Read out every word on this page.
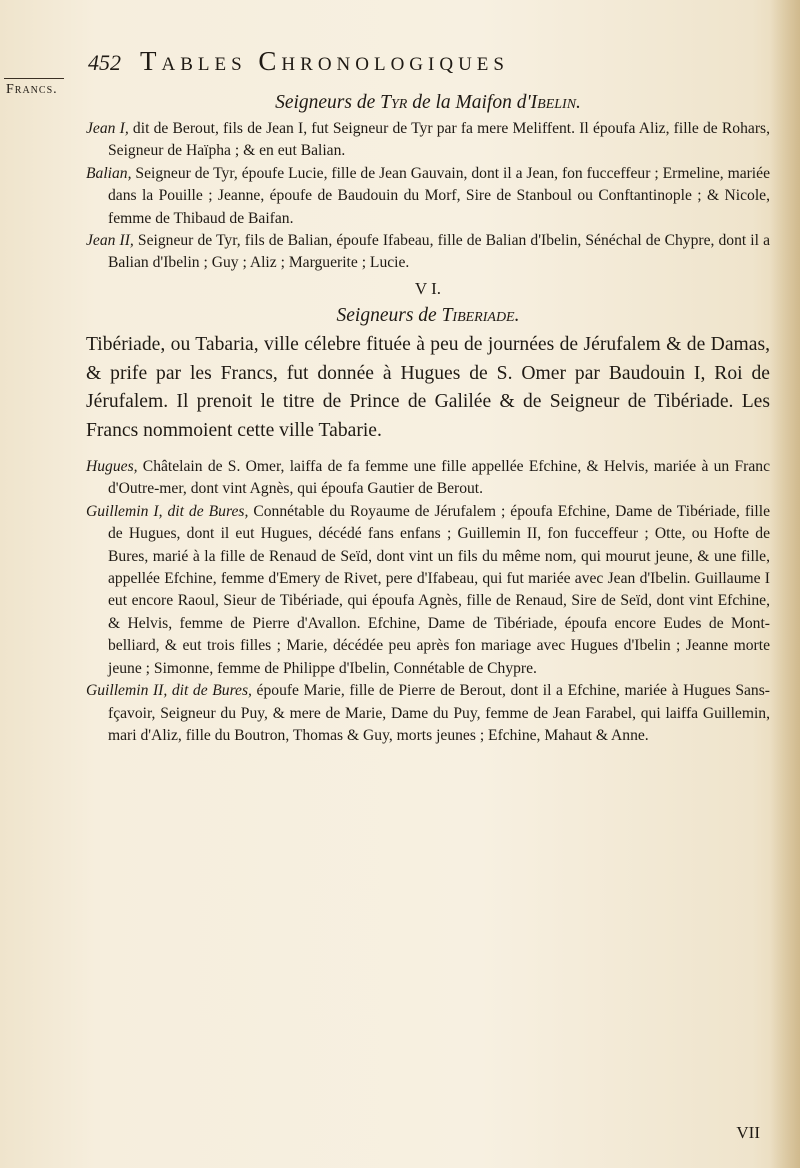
452 Tables Chronologiques
Francs.
Seigneurs de Tyr de la Maifon d'Ibelin.

Jean I, dit de Berout, fils de Jean I, fut Seigneur de Tyr par fa mere Meliffent. Il époufa Aliz, fille de Rohars, Seigneur de Haïpha ; & en eut Balian.

Balian, Seigneur de Tyr, époufe Lucie, fille de Jean Gauvain, dont il a Jean, fon fucceffeur ; Ermeline, mariée dans la Pouille ; Jeanne, époufe de Baudouin du Morf, Sire de Stanboul ou Conftantinople ; & Nicole, femme de Thibaud de Baifan.

Jean II, Seigneur de Tyr, fils de Balian, époufe Ifabeau, fille de Balian d'Ibelin, Sénéchal de Chypre, dont il a Balian d'Ibelin ; Guy ; Aliz ; Marguerite ; Lucie.

V I.
Seigneurs de Tiberiade.

Tibériade, ou Tabaria, ville célebre fituée à peu de journées de Jérufalem & de Damas, & prife par les Francs, fut donnée à Hugues de S. Omer par Baudouin I, Roi de Jérufalem. Il prenoit le titre de Prince de Galilée & de Seigneur de Tibériade. Les Francs nommoient cette ville Tabarie.

Hugues, Châtelain de S. Omer, laiffa de fa femme une fille appellée Efchine, & Helvis, mariée à un Franc d'Outre-mer, dont vint Agnès, qui époufa Gautier de Berout.

Guillemin I, dit de Bures, Connétable du Royaume de Jérufalem ; époufa Efchine, Dame de Tibériade, fille de Hugues, dont il eut Hugues, décédé fans enfans ; Guillemin II, fon fucceffeur ; Otte, ou Hofte de Bures, marié à la fille de Renaud de Seïd, dont vint un fils du même nom, qui mourut jeune, & une fille, appellée Efchine, femme d'Emery de Rivet, pere d'Ifabeau, qui fut mariée avec Jean d'Ibelin. Guillaume I eut encore Raoul, Sieur de Tibériade, qui époufa Agnès, fille de Renaud, Sire de Seïd, dont vint Efchine, & Helvis, femme de Pierre d'Avallon. Efchine, Dame de Tibériade, époufa encore Eudes de Mont-belliard, & eut trois filles ; Marie, décédée peu après fon mariage avec Hugues d'Ibelin ; Jeanne morte jeune ; Simonne, femme de Philippe d'Ibelin, Connétable de Chypre.

Guillemin II, dit de Bures, époufe Marie, fille de Pierre de Berout, dont il a Efchine, mariée à Hugues Sans-fçavoir, Seigneur du Puy, & mere de Marie, Dame du Puy, femme de Jean Farabel, qui laiffa Guillemin, mari d'Aliz, fille du Boutron, Thomas & Guy, morts jeunes ; Efchine, Mahaut & Anne.

VII
